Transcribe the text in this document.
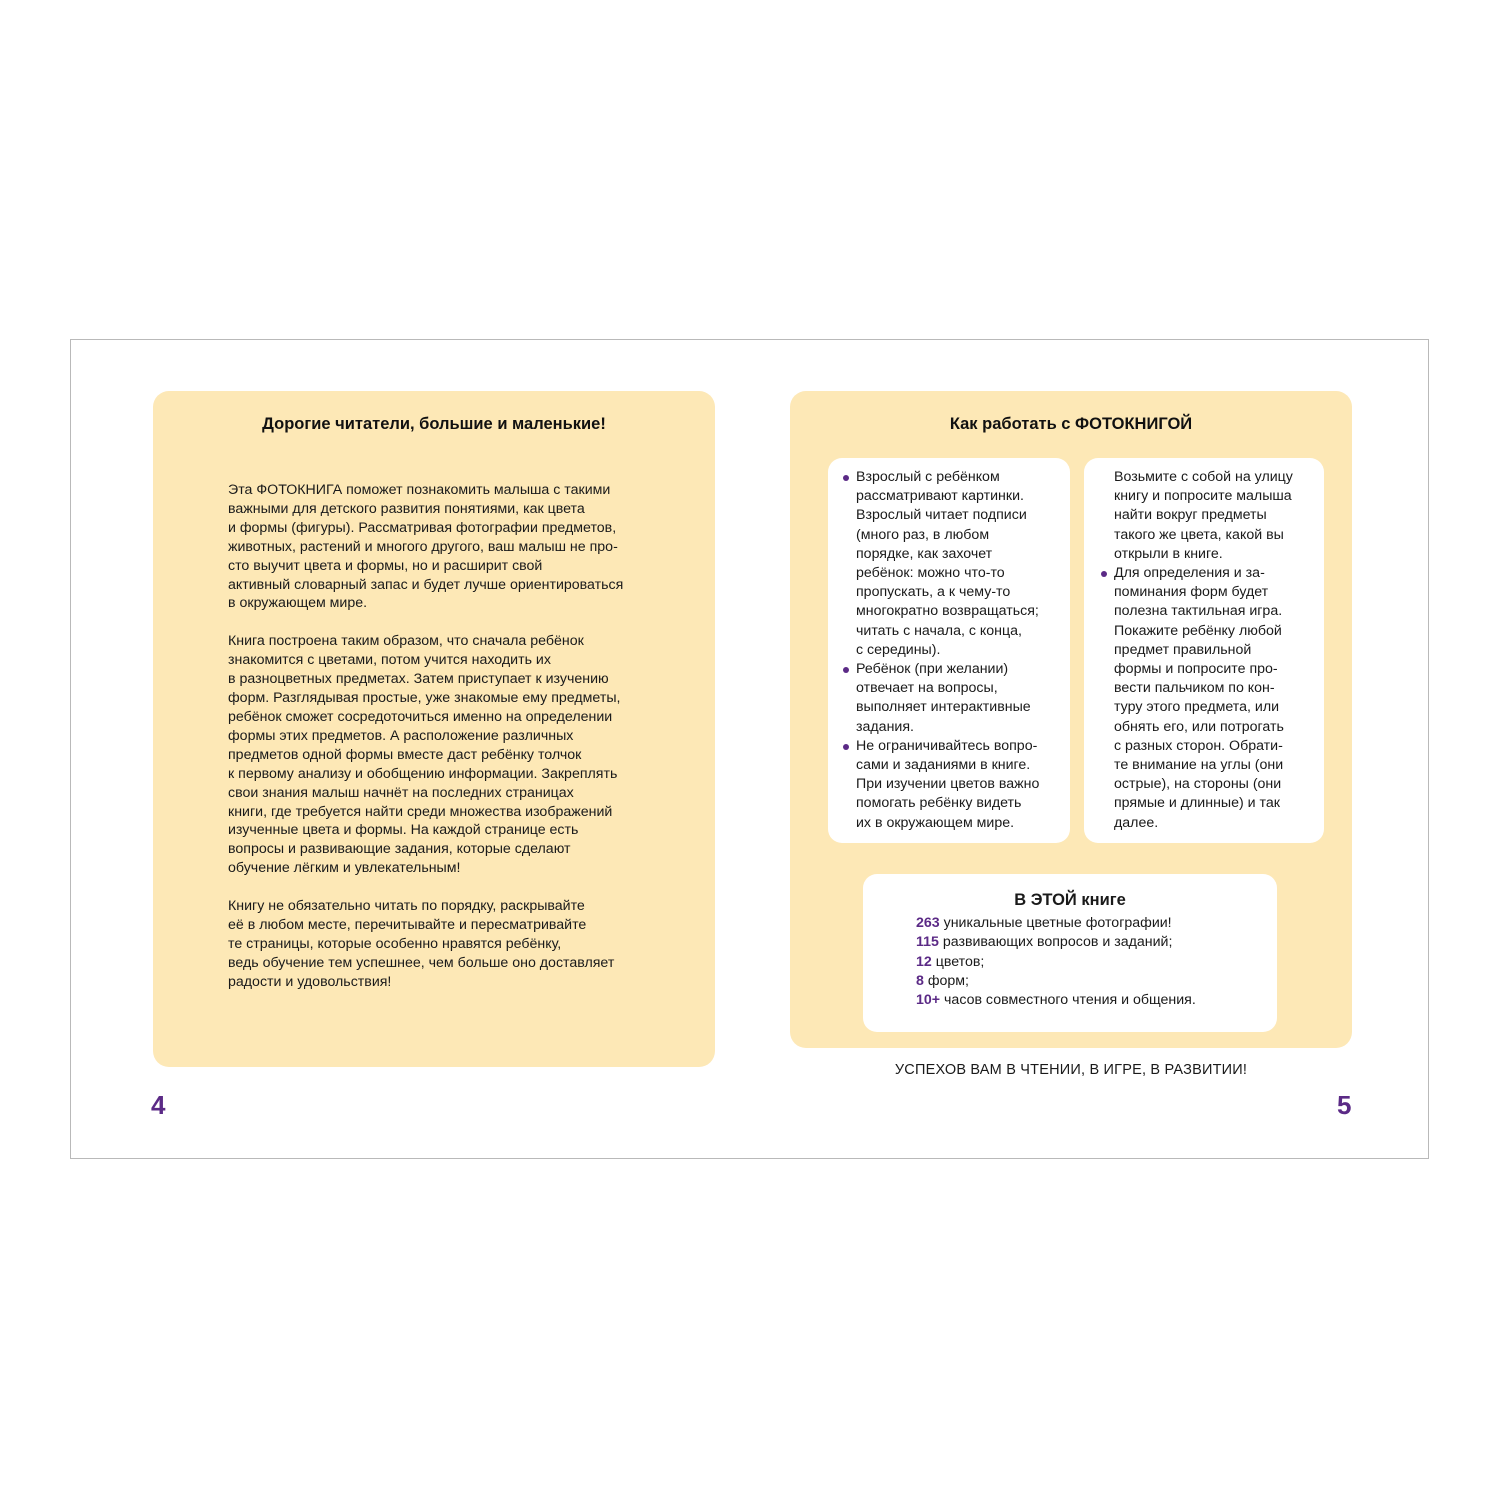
Дорогие читатели, большие и маленькие!

Эта ФОТОКНИГА поможет познакомить малыша с такими
важными для детского развития понятиями, как цвета
и формы (фигуры). Рассматривая фотографии предметов,
животных, растений и многого другого, ваш малыш не про-
сто выучит цвета и формы, но и расширит свой
активный словарный запас и будет лучше ориентироваться
в окружающем мире.

Книга построена таким образом, что сначала ребёнок
знакомится с цветами, потом учится находить их
в разноцветных предметах. Затем приступает к изучению
форм. Разглядывая простые, уже знакомые ему предметы,
ребёнок сможет сосредоточиться именно на определении
формы этих предметов. А расположение различных
предметов одной формы вместе даст ребёнку толчок
к первому анализу и обобщению информации. Закреплять
свои знания малыш начнёт на последних страницах
книги, где требуется найти среди множества изображений
изученные цвета и формы. На каждой странице есть
вопросы и развивающие задания, которые сделают
обучение лёгким и увлекательным!

Книгу не обязательно читать по порядку, раскрывайте
её в любом месте, перечитывайте и пересматривайте
те страницы, которые особенно нравятся ребёнку,
ведь обучение тем успешнее, чем больше оно доставляет
радости и удовольствия!

Как работать с ФОТОКНИГОЙ
Взрослый с ребёнком
рассматривают картинки.
Взрослый читает подписи
(много раз, в любом
порядке, как захочет
ребёнок: можно что-то
пропускать, а к чему-то
многократно возвращаться;
читать с начала, с конца,
с середины).
Ребёнок (при желании)
отвечает на вопросы,
выполняет интерактивные
задания.
Не ограничивайтесь вопро-
сами и заданиями в книге.
При изучении цветов важно
помогать ребёнку видеть
их в окружающем мире.
Возьмите с собой на улицу
книгу и попросите малыша
найти вокруг предметы
такого же цвета, какой вы
открыли в книге.
Для определения и за-
поминания форм будет
полезна тактильная игра.
Покажите ребёнку любой
предмет правильной
формы и попросите про-
вести пальчиком по кон-
туру этого предмета, или
обнять его, или потрогать
с разных сторон. Обрати-
те внимание на углы (они
острые), на стороны (они
прямые и длинные) и так
далее.
В ЭТОЙ книге
263 уникальные цветные фотографии!
115 развивающих вопросов и заданий;
12 цветов;
8 форм;
10+ часов совместного чтения и общения.
УСПЕХОВ ВАМ В ЧТЕНИИ, В ИГРЕ, В РАЗВИТИИ!
4	5
